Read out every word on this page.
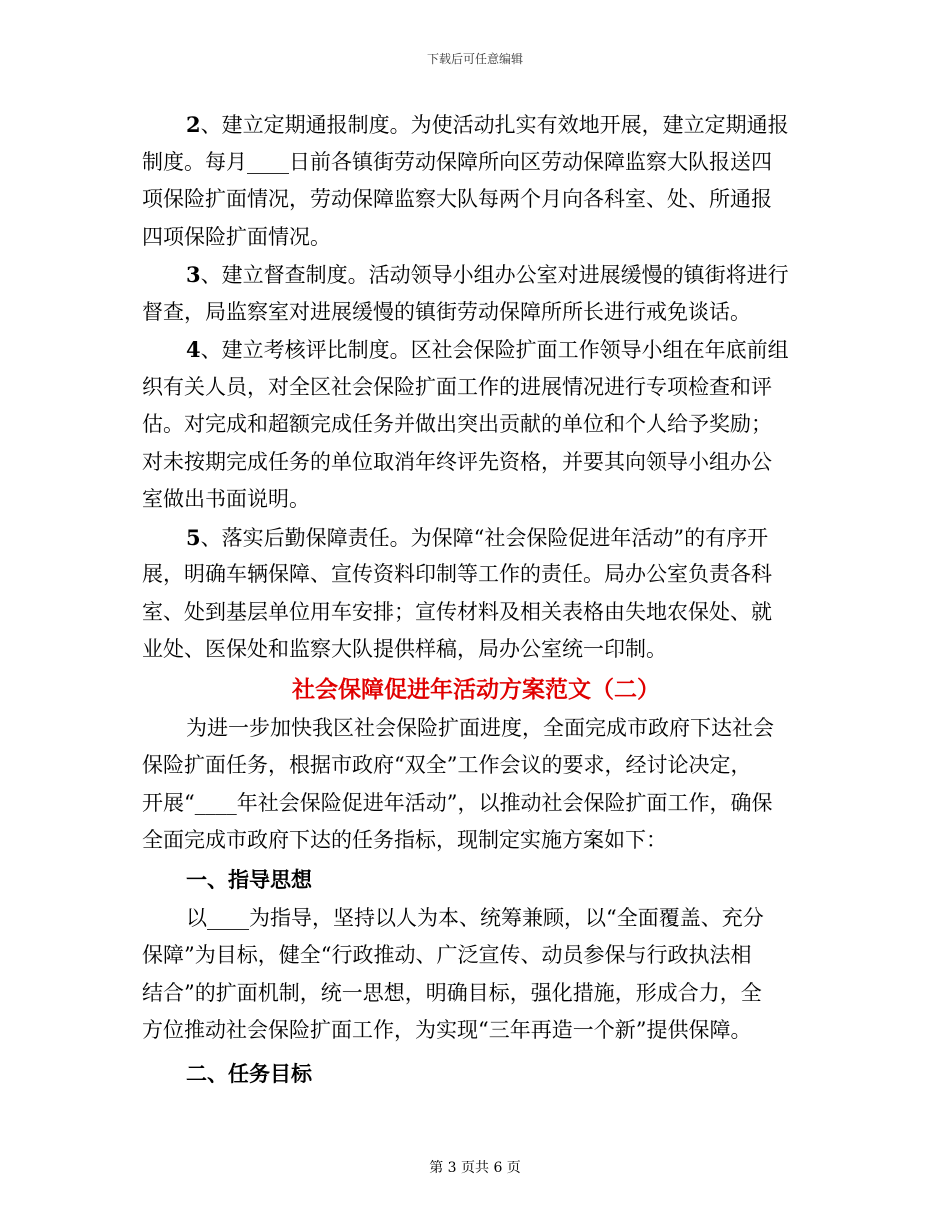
下载后可任意编辑
2、建立定期通报制度。为使活动扎实有效地开展，建立定期通报
制度。每月____日前各镇街劳动保障所向区劳动保障监察大队报送四
项保险扩面情况，劳动保障监察大队每两个月向各科室、处、所通报
四项保险扩面情况。
3、建立督查制度。活动领导小组办公室对进展缓慢的镇街将进行
督查，局监察室对进展缓慢的镇街劳动保障所所长进行戒免谈话。
4、建立考核评比制度。区社会保险扩面工作领导小组在年底前组
织有关人员，对全区社会保险扩面工作的进展情况进行专项检查和评
估。对完成和超额完成任务并做出突出贡献的单位和个人给予奖励；
对未按期完成任务的单位取消年终评先资格，并要其向领导小组办公
室做出书面说明。
5、落实后勤保障责任。为保障“社会保险促进年活动”的有序开
展，明确车辆保障、宣传资料印制等工作的责任。局办公室负责各科
室、处到基层单位用车安排；宣传材料及相关表格由失地农保处、就
业处、医保处和监察大队提供样稿，局办公室统一印制。
社会保障促进年活动方案范文（二）
为进一步加快我区社会保险扩面进度，全面完成市政府下达社会
保险扩面任务，根据市政府“双全”工作会议的要求，经讨论决定，
开展“____年社会保险促进年活动”，以推动社会保险扩面工作，确保
全面完成市政府下达的任务指标，现制定实施方案如下：
一、指导思想
以____为指导，坚持以人为本、统筹兼顾，以“全面覆盖、充分
保障”为目标，健全“行政推动、广泛宣传、动员参保与行政执法相
结合”的扩面机制，统一思想，明确目标，强化措施，形成合力，全
方位推动社会保险扩面工作，为实现“三年再造一个新”提供保障。
二、任务目标
第 3 页共 6 页
